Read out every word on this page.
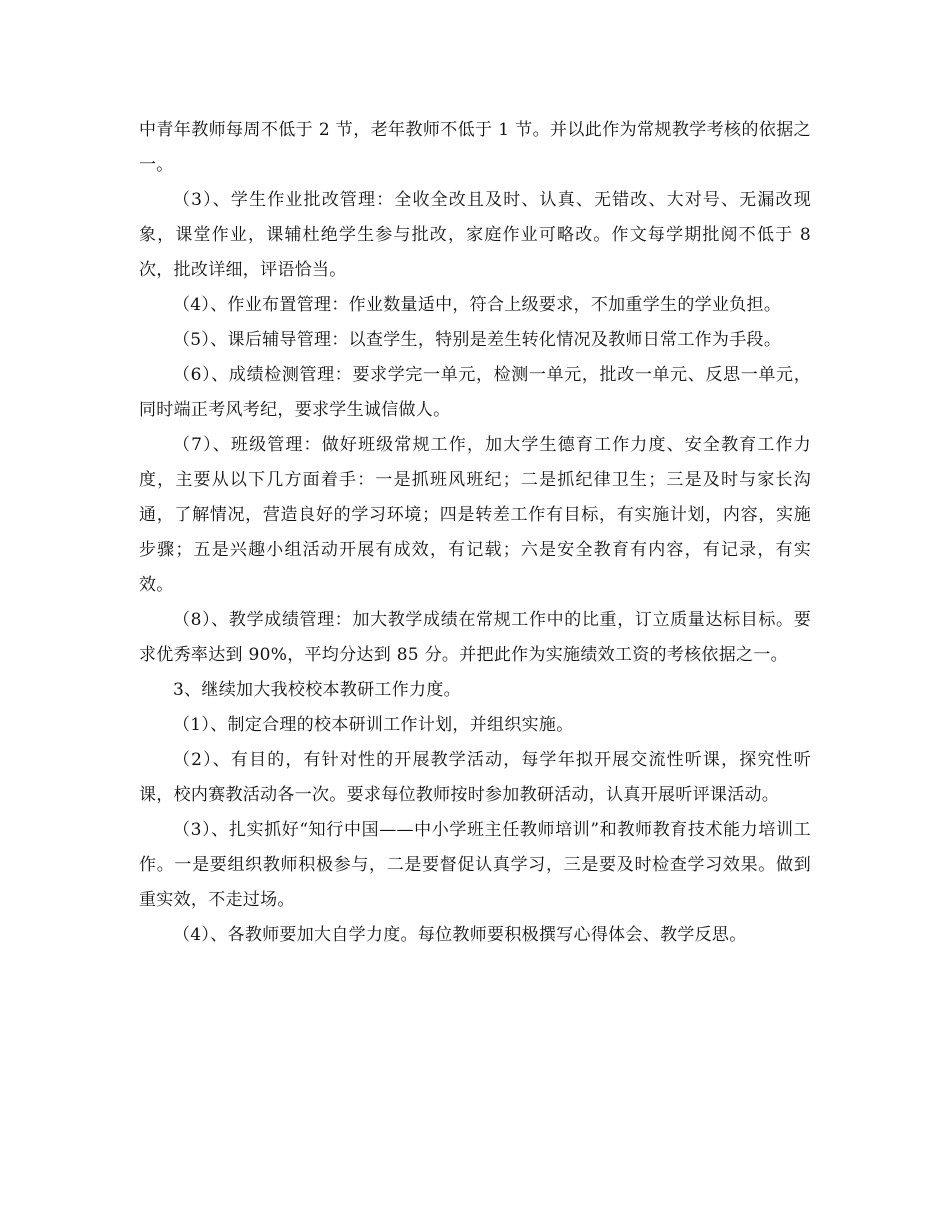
中青年教师每周不低于 2 节，老年教师不低于 1 节。并以此作为常规教学考核的依据之一。

（3）、学生作业批改管理：全收全改且及时、认真、无错改、大对号、无漏改现象，课堂作业，课辅杜绝学生参与批改，家庭作业可略改。作文每学期批阅不低于 8 次，批改详细，评语恰当。

（4）、作业布置管理：作业数量适中，符合上级要求，不加重学生的学业负担。

（5）、课后辅导管理：以查学生，特别是差生转化情况及教师日常工作为手段。

（6）、成绩检测管理：要求学完一单元，检测一单元，批改一单元、反思一单元，同时端正考风考纪，要求学生诚信做人。

（7）、班级管理：做好班级常规工作，加大学生德育工作力度、安全教育工作力度，主要从以下几方面着手：一是抓班风班纪；二是抓纪律卫生；三是及时与家长沟通，了解情况，营造良好的学习环境；四是转差工作有目标，有实施计划，内容，实施步骤；五是兴趣小组活动开展有成效，有记载；六是安全教育有内容，有记录，有实效。

（8）、教学成绩管理：加大教学成绩在常规工作中的比重，订立质量达标目标。要求优秀率达到 90%，平均分达到 85 分。并把此作为实施绩效工资的考核依据之一。

3、继续加大我校校本教研工作力度。

（1）、制定合理的校本研训工作计划，并组织实施。

（2）、有目的，有针对性的开展教学活动，每学年拟开展交流性听课，探究性听课，校内赛教活动各一次。要求每位教师按时参加教研活动，认真开展听评课活动。

（3）、扎实抓好“知行中国——中小学班主任教师培训”和教师教育技术能力培训工作。一是要组织教师积极参与，二是要督促认真学习，三是要及时检查学习效果。做到重实效，不走过场。

（4）、各教师要加大自学力度。每位教师要积极撰写心得体会、教学反思。
